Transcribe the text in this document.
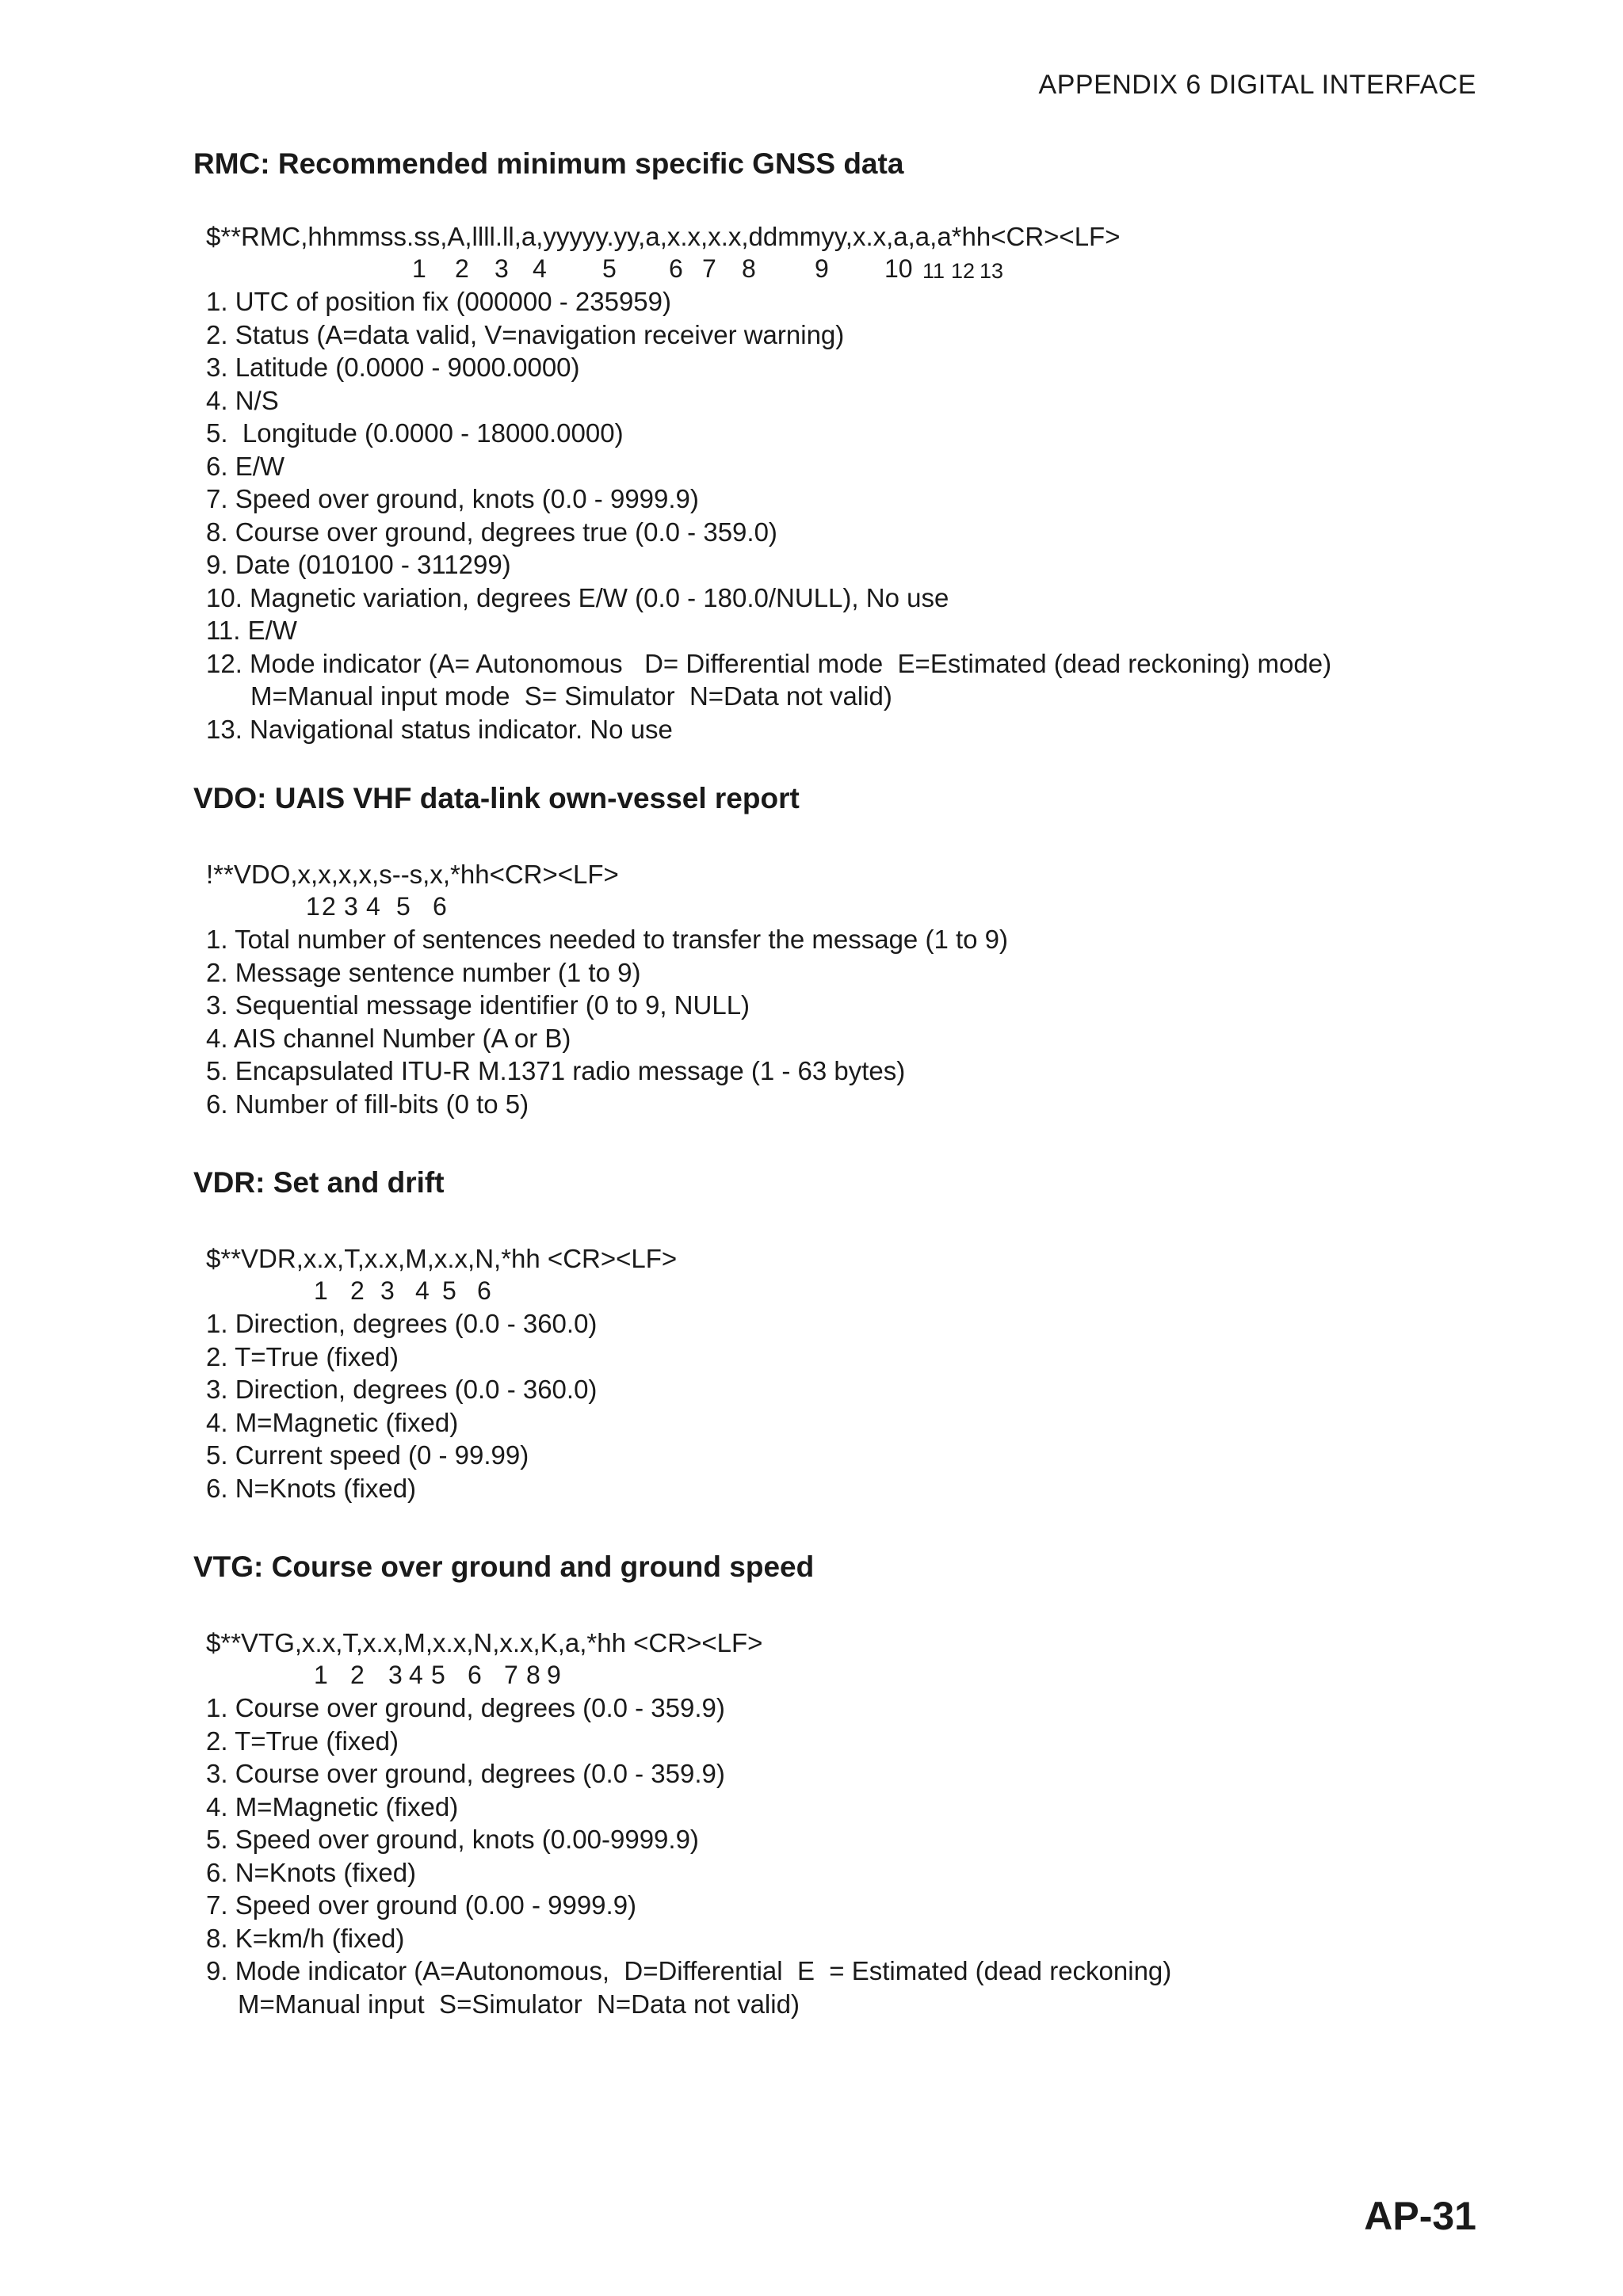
APPENDIX 6 DIGITAL INTERFACE
RMC: Recommended minimum specific GNSS data
$**RMC,hhmmss.ss,A,llll.ll,a,yyyyy.yy,a,x.x,x.x,ddmmyy,x.x,a,a,a*hh<CR><LF>
1 2 3 4 5 6 7 8 9 10 11 12 13
1. UTC of position fix (000000 - 235959)
2. Status (A=data valid, V=navigation receiver warning)
3. Latitude (0.0000 - 9000.0000)
4. N/S
5.  Longitude (0.0000 - 18000.0000)
6. E/W
7. Speed over ground, knots (0.0 - 9999.9)
8. Course over ground, degrees true (0.0 - 359.0)
9. Date (010100 - 311299)
10. Magnetic variation, degrees E/W (0.0 - 180.0/NULL), No use
11. E/W
12. Mode indicator (A= Autonomous   D= Differential mode  E=Estimated (dead reckoning) mode)
M=Manual input mode  S= Simulator  N=Data not valid)
13. Navigational status indicator. No use
VDO: UAIS VHF data-link own-vessel report
!**VDO,x,x,x,x,s--s,x,*hh<CR><LF>
1 2 3 4 5 6
1. Total number of sentences needed to transfer the message (1 to 9)
2. Message sentence number (1 to 9)
3. Sequential message identifier (0 to 9, NULL)
4. AIS channel Number (A or B)
5. Encapsulated ITU-R M.1371 radio message (1 - 63 bytes)
6. Number of fill-bits (0 to 5)
VDR: Set and drift
$**VDR,x.x,T,x.x,M,x.x,N,*hh <CR><LF>
1 2 3 4 5 6
1. Direction, degrees (0.0 - 360.0)
2. T=True (fixed)
3. Direction, degrees (0.0 - 360.0)
4. M=Magnetic (fixed)
5. Current speed (0 - 99.99)
6. N=Knots (fixed)
VTG: Course over ground and ground speed
$**VTG,x.x,T,x.x,M,x.x,N,x.x,K,a,*hh <CR><LF>
1 2 3 4 5 6 7 8 9
1. Course over ground, degrees (0.0 - 359.9)
2. T=True (fixed)
3. Course over ground, degrees (0.0 - 359.9)
4. M=Magnetic (fixed)
5. Speed over ground, knots (0.00-9999.9)
6. N=Knots (fixed)
7. Speed over ground (0.00 - 9999.9)
8. K=km/h (fixed)
9. Mode indicator (A=Autonomous,  D=Differential  E  = Estimated (dead reckoning)
M=Manual input  S=Simulator  N=Data not valid)
AP-31
